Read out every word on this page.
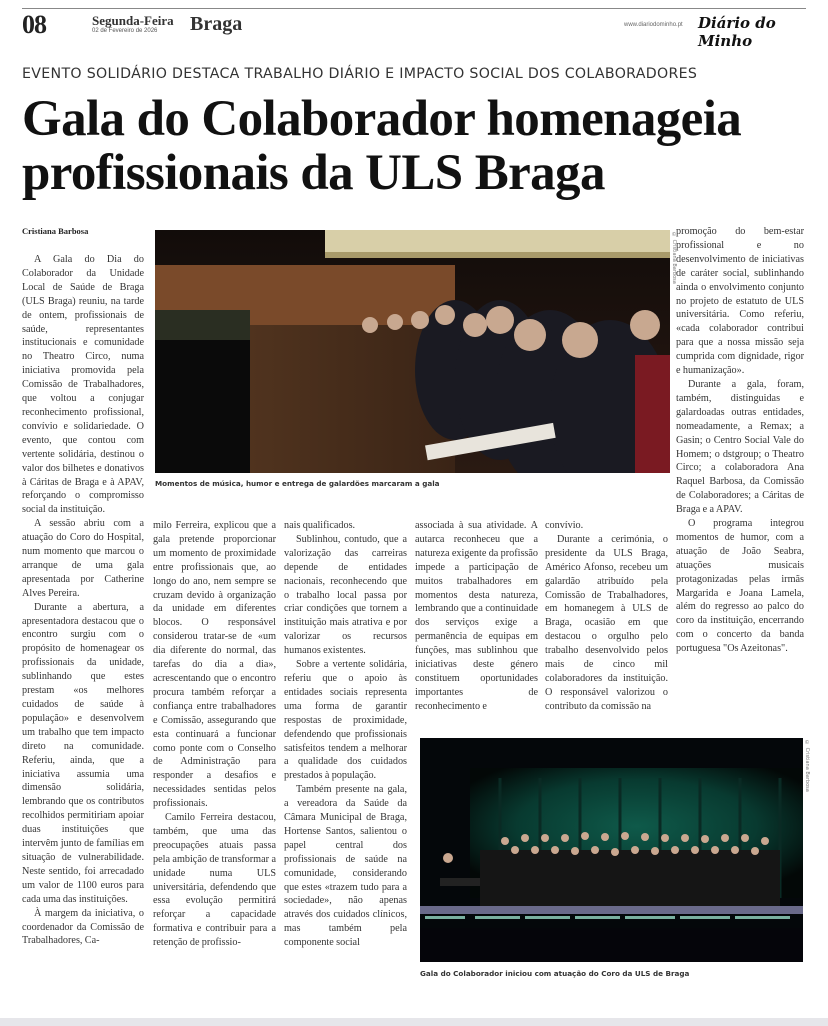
08	Segunda-Feira
02 de Fevereiro de 2026 Braga	www.diariodominho.pt Diário do Minho
EVENTO SOLIDÁRIO DESTACA TRABALHO DIÁRIO E IMPACTO SOCIAL DOS COLABORADORES
Gala do Colaborador homenageia
profissionais da ULS Braga
Cristiana Barbosa
© Cristiana Barbosa
Momentos de música, humor e entrega de galardões marcaram a gala

A Gala do Dia do Colaborador da Unidade Local de Saúde de Braga (ULS Braga) reuniu, na tarde de ontem, profissionais de saúde, representantes institucionais e comunidade no Theatro Circo, numa iniciativa promovida pela Comissão de Trabalhadores, que voltou a conjugar reconhecimento profissional, convívio e solidariedade. O evento, que contou com vertente solidária, destinou o valor dos bilhetes e donativos à Cáritas de Braga e à APAV, reforçando o compromisso social da instituição.

A sessão abriu com a atuação do Coro do Hospital, num momento que marcou o arranque de uma gala apresentada por Catherine Alves Pereira.

Durante a abertura, a apresentadora destacou que o encontro surgiu com o propósito de homenagear os profissionais da unidade, sublinhando que estes prestam «os melhores cuidados de saúde à população» e desenvolvem um trabalho que tem impacto direto na comunidade. Referiu, ainda, que a iniciativa assumia uma dimensão solidária, lembrando que os contributos recolhidos permitiriam apoiar duas instituições que intervêm junto de famílias em situação de vulnerabilidade. Neste sentido, foi arrecadado um valor de 1100 euros para cada uma das instituições.

À margem da iniciativa, o coordenador da Comissão de Trabalhadores, Ca-

milo Ferreira, explicou que a gala pretende proporcionar um momento de proximidade entre profissionais que, ao longo do ano, nem sempre se cruzam devido à organização da unidade em diferentes blocos. O responsável considerou tratar-se de «um dia diferente do normal, das tarefas do dia a dia», acrescentando que o encontro procura também reforçar a confiança entre trabalhadores e Comissão, assegurando que esta continuará a funcionar como ponte com o Conselho de Administração para responder a desafios e necessidades sentidas pelos profissionais.

Camilo Ferreira destacou, também, que uma das preocupações atuais passa pela ambição de transformar a unidade numa ULS universitária, defendendo que essa evolução permitirá reforçar a capacidade formativa e contribuir para a retenção de profissio-

nais qualificados.

Sublinhou, contudo, que a valorização das carreiras depende de entidades nacionais, reconhecendo que o trabalho local passa por criar condições que tornem a instituição mais atrativa e por valorizar os recursos humanos existentes.

Sobre a vertente solidária, referiu que o apoio às entidades sociais representa uma forma de garantir respostas de proximidade, defendendo que profissionais satisfeitos tendem a melhorar a qualidade dos cuidados prestados à população.

Também presente na gala, a vereadora da Saúde da Câmara Municipal de Braga, Hortense Santos, salientou o papel central dos profissionais de saúde na comunidade, considerando que estes «trazem tudo para a sociedade», não apenas através dos cuidados clínicos, mas também pela componente social

associada à sua atividade. A autarca reconheceu que a natureza exigente da profissão impede a participação de muitos trabalhadores em momentos desta natureza, lembrando que a continuidade dos serviços exige a permanência de equipas em funções, mas sublinhou que iniciativas deste género constituem oportunidades importantes de reconhecimento e

convívio.

Durante a cerimónia, o presidente da ULS Braga, Américo Afonso, recebeu um galardão atribuído pela Comissão de Trabalhadores, em homanegem à ULS de Braga, ocasião em que destacou o orgulho pelo trabalho desenvolvido pelos mais de cinco mil colaboradores da instituição. O responsável valorizou o contributo da comissão na

promoção do bem-estar profissional e no desenvolvimento de iniciativas de caráter social, sublinhando ainda o envolvimento conjunto no projeto de estatuto de ULS universitária. Como referiu, «cada colaborador contribui para que a nossa missão seja cumprida com dignidade, rigor e humanização».

Durante a gala, foram, também, distinguidas e galardoadas outras entidades, nomeadamente, a Remax; a Gasin; o Centro Social Vale do Homem; o dstgroup; o Theatro Circo; a colaboradora Ana Raquel Barbosa, da Comissão de Colaboradores; a Cáritas de Braga e a APAV.

O programa integrou momentos de humor, com a atuação de João Seabra, atuações musicais protagonizadas pelas irmãs Margarida e Joana Lamela, além do regresso ao palco do coro da instituição, encerrando com o concerto da banda portuguesa "Os Azeitonas".

© Cristiana Barbosa
Gala do Colaborador iniciou com atuação do Coro da ULS de Braga
